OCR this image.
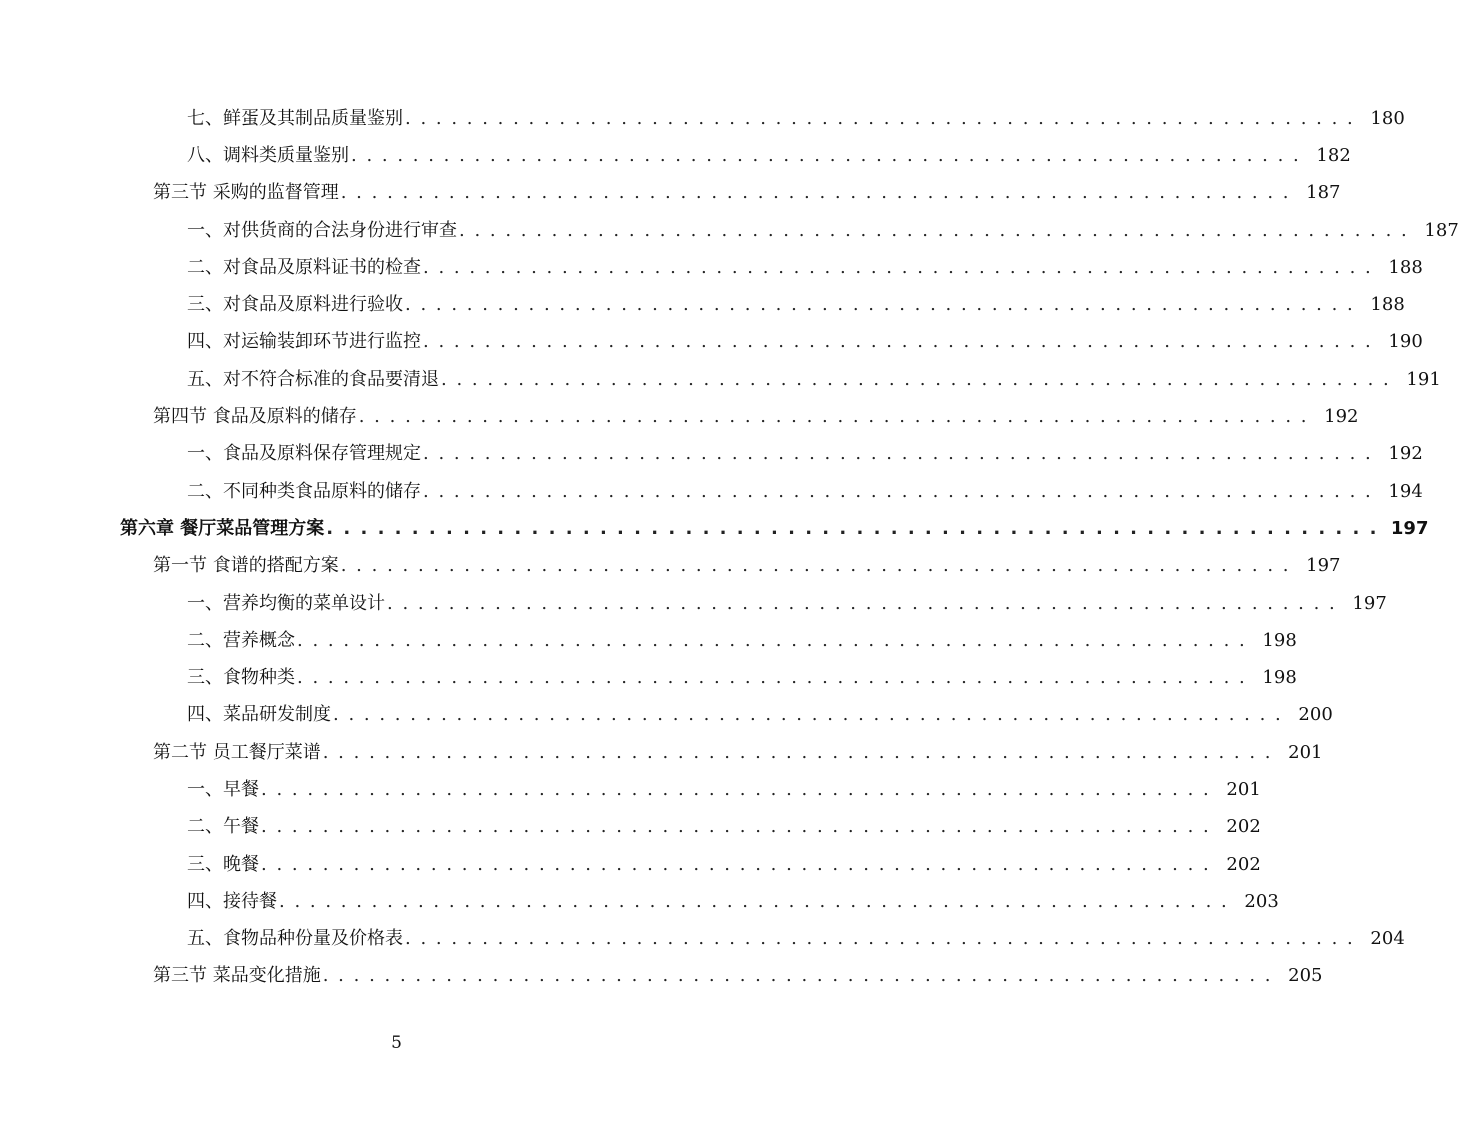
七、鲜蛋及其制品质量鉴别 . . . . . . . . . . . . . . . . . . . . . . . . . . . . . . . . . . . . . . . . . . . . . . . . . . . . . . . . . . . . . . 180
八、调料类质量鉴别 . . . . . . . . . . . . . . . . . . . . . . . . . . . . . . . . . . . . . . . . . . . . . . . . . . . . . . . . . . . . . . 182
第三节 采购的监督管理 . . . . . . . . . . . . . . . . . . . . . . . . . . . . . . . . . . . . . . . . . . . . . . . . . . . . . . . . . . . . . . 187
一、对供货商的合法身份进行审查 . . . . . . . . . . . . . . . . . . . . . . . . . . . . . . . . . . . . . . . . . . . . . . . . . . . . . . . . . . . . . . 187
二、对食品及原料证书的检查 . . . . . . . . . . . . . . . . . . . . . . . . . . . . . . . . . . . . . . . . . . . . . . . . . . . . . . . . . . . . . . 188
三、对食品及原料进行验收 . . . . . . . . . . . . . . . . . . . . . . . . . . . . . . . . . . . . . . . . . . . . . . . . . . . . . . . . . . . . . . 188
四、对运输装卸环节进行监控 . . . . . . . . . . . . . . . . . . . . . . . . . . . . . . . . . . . . . . . . . . . . . . . . . . . . . . . . . . . . . . 190
五、对不符合标准的食品要清退 . . . . . . . . . . . . . . . . . . . . . . . . . . . . . . . . . . . . . . . . . . . . . . . . . . . . . . . . . . . . . . 191
第四节 食品及原料的储存 . . . . . . . . . . . . . . . . . . . . . . . . . . . . . . . . . . . . . . . . . . . . . . . . . . . . . . . . . . . . . . 192
一、食品及原料保存管理规定 . . . . . . . . . . . . . . . . . . . . . . . . . . . . . . . . . . . . . . . . . . . . . . . . . . . . . . . . . . . . . . 192
二、不同种类食品原料的储存 . . . . . . . . . . . . . . . . . . . . . . . . . . . . . . . . . . . . . . . . . . . . . . . . . . . . . . . . . . . . . . 194
第六章 餐厅菜品管理方案 . . . . . . . . . . . . . . . . . . . . . . . . . . . . . . . . . . . . . . . . . . . . . . . . . . . . . . . . . . . . . . 197
第一节 食谱的搭配方案 . . . . . . . . . . . . . . . . . . . . . . . . . . . . . . . . . . . . . . . . . . . . . . . . . . . . . . . . . . . . . . 197
一、营养均衡的菜单设计 . . . . . . . . . . . . . . . . . . . . . . . . . . . . . . . . . . . . . . . . . . . . . . . . . . . . . . . . . . . . . . 197
二、营养概念 . . . . . . . . . . . . . . . . . . . . . . . . . . . . . . . . . . . . . . . . . . . . . . . . . . . . . . . . . . . . . . 198
三、食物种类 . . . . . . . . . . . . . . . . . . . . . . . . . . . . . . . . . . . . . . . . . . . . . . . . . . . . . . . . . . . . . . 198
四、菜品研发制度 . . . . . . . . . . . . . . . . . . . . . . . . . . . . . . . . . . . . . . . . . . . . . . . . . . . . . . . . . . . . . . 200
第二节 员工餐厅菜谱 . . . . . . . . . . . . . . . . . . . . . . . . . . . . . . . . . . . . . . . . . . . . . . . . . . . . . . . . . . . . . . 201
一、早餐 . . . . . . . . . . . . . . . . . . . . . . . . . . . . . . . . . . . . . . . . . . . . . . . . . . . . . . . . . . . . . . 201
二、午餐 . . . . . . . . . . . . . . . . . . . . . . . . . . . . . . . . . . . . . . . . . . . . . . . . . . . . . . . . . . . . . . 202
三、晚餐 . . . . . . . . . . . . . . . . . . . . . . . . . . . . . . . . . . . . . . . . . . . . . . . . . . . . . . . . . . . . . . 202
四、接待餐 . . . . . . . . . . . . . . . . . . . . . . . . . . . . . . . . . . . . . . . . . . . . . . . . . . . . . . . . . . . . . . 203
五、食物品种份量及价格表 . . . . . . . . . . . . . . . . . . . . . . . . . . . . . . . . . . . . . . . . . . . . . . . . . . . . . . . . . . . . . . 204
第三节 菜品变化措施 . . . . . . . . . . . . . . . . . . . . . . . . . . . . . . . . . . . . . . . . . . . . . . . . . . . . . . . . . . . . . . 205
5
